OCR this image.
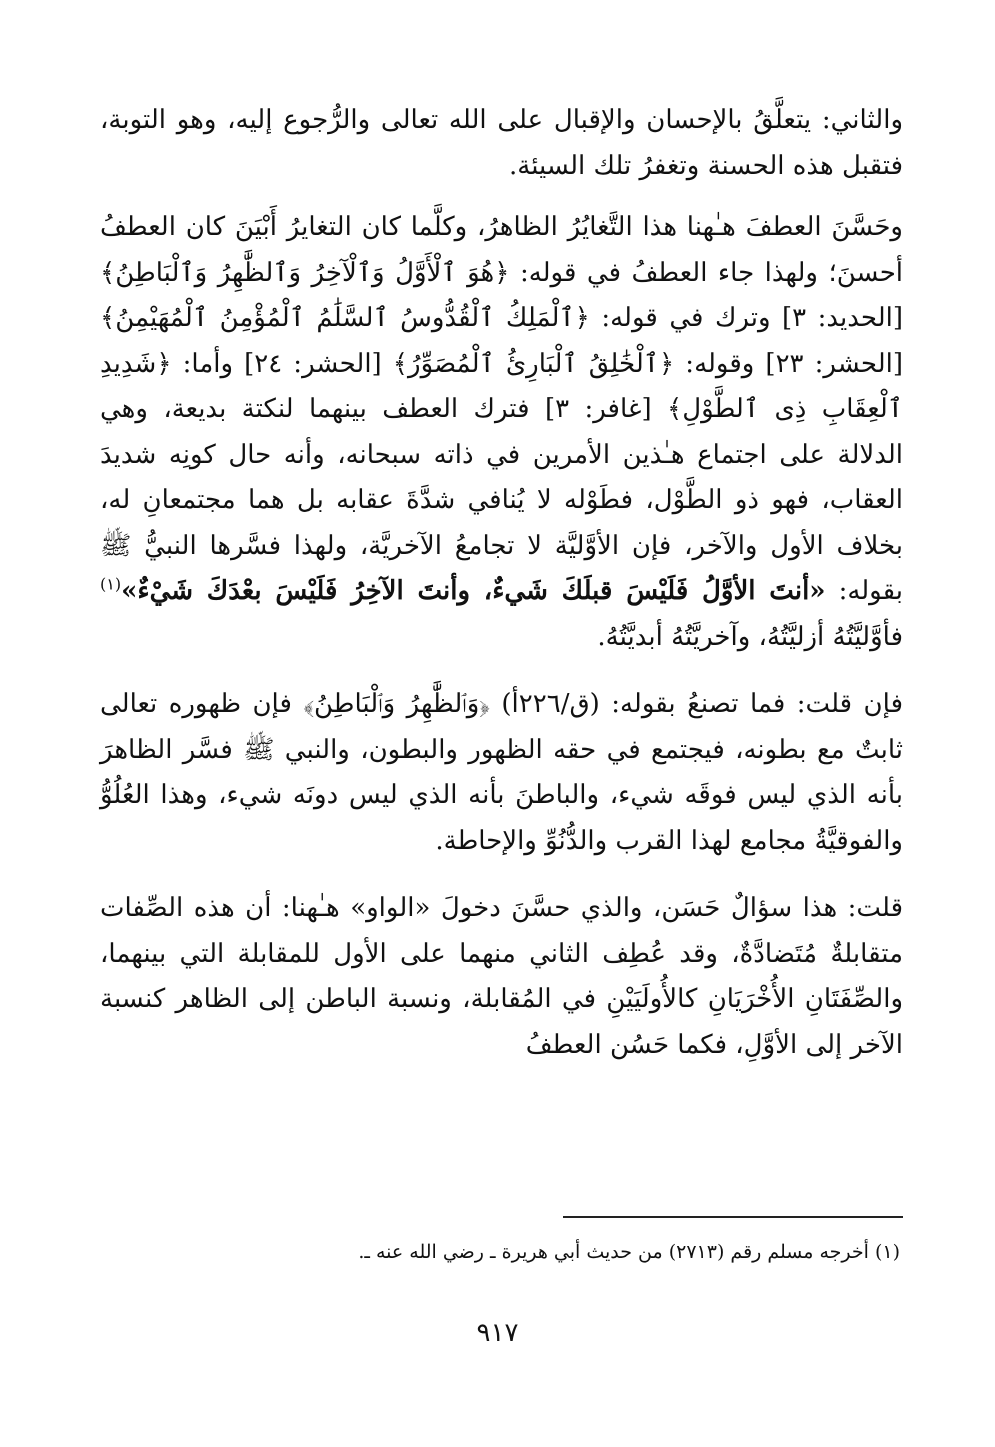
والثاني: يتعلَّقُ بالإحسان والإقبال على الله تعالى والرُّجوع إليه، وهو التوبة، فتقبل هذه الحسنة وتغفرُ تلك السيئة.

وحَسَّنَ العطفَ هـٰهنا هذا التَّغايُرُ الظاهرُ، وكلَّما كان التغايرُ أَبْيَنَ كان العطفُ أحسنَ؛ ولهذا جاء العطفُ في قوله: ﴿هُوَ ٱلْأَوَّلُ وَٱلْآخِرُ وَٱلظَّٰهِرُ وَٱلْبَاطِنُ﴾ [الحديد: ٣] وترك في قوله: ﴿ٱلْمَلِكُ ٱلْقُدُّوسُ ٱلسَّلَٰمُ ٱلْمُؤْمِنُ ٱلْمُهَيْمِنُ﴾ [الحشر: ٢٣] وقوله: ﴿ٱلْخَٰلِقُ ٱلْبَارِئُ ٱلْمُصَوِّرُ﴾ [الحشر: ٢٤] وأما: ﴿شَدِيدِ ٱلْعِقَابِ ذِى ٱلطَّوْلِ﴾ [غافر: ٣] فترك العطف بينهما لنكتة بديعة، وهي الدلالة على اجتماع هـٰذين الأمرين في ذاته سبحانه، وأنه حال كونِه شديدَ العقاب، فهو ذو الطَّوْل، فطَوْله لا يُنافي شدَّةَ عقابه بل هما مجتمعانِ له، بخلاف الأول والآخر، فإن الأوَّليَّة لا تجامعُ الآخريَّة، ولهذا فسَّرها النبيُّ ﷺ بقوله: «أنتَ الأوَّلُ فَلَيْسَ قبلَكَ شَيءٌ، وأنتَ الآخِرُ فَلَيْسَ بعْدَكَ شَيْءٌ»$^{(١)}$ فأوَّليَّتُهُ أزليَّتُهُ، وآخريَّتُهُ أبديَّتُهُ.

فإن قلت: فما تصنعُ بقوله: (ق/٢٢٦أ) ﴿وَٱلظَّٰهِرُ وَٱلْبَاطِنُ﴾ فإن ظهوره تعالى ثابتٌ مع بطونه، فيجتمع في حقه الظهور والبطون، والنبي ﷺ فسَّر الظاهرَ بأنه الذي ليس فوقَه شيء، والباطنَ بأنه الذي ليس دونَه شيء، وهذا العُلُوُّ والفوقيَّةُ مجامع لهذا القرب والدُّنُوِّ والإحاطة.

قلت: هذا سؤالٌ حَسَن، والذي حسَّنَ دخولَ «الواو» هـٰهنا: أن هذه الصِّفات متقابلةٌ مُتَضادَّةٌ، وقد عُطِف الثاني منهما على الأول للمقابلة التي بينهما، والصِّفَتَانِ الأُخْرَيَانِ كالأُولَيَيْنِ في المُقابلة، ونسبة الباطن إلى الظاهر كنسبة الآخر إلى الأوَّلِ، فكما حَسُن العطفُ

(١) أخرجه مسلم رقم (٢٧١٣) من حديث أبي هريرة ـ رضي الله عنه ـ.

٩١٧
